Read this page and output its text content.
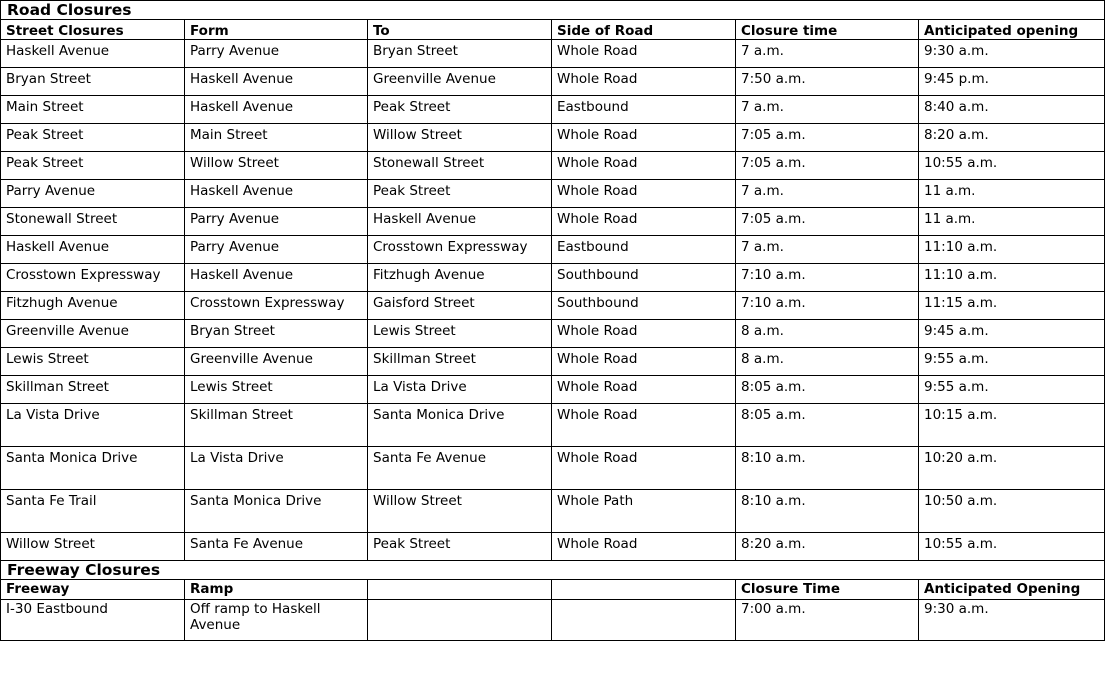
Road Closures					
Street Closures	Form	To	Side of Road	Closure time	Anticipated opening
Haskell Avenue	Parry Avenue	Bryan Street	Whole Road	7 a.m.	9:30 a.m.
Bryan Street	Haskell Avenue	Greenville Avenue	Whole Road	7:50 a.m.	9:45 p.m.
Main Street	Haskell Avenue	Peak Street	Eastbound	7 a.m.	8:40 a.m.
Peak Street	Main Street	Willow Street	Whole Road	7:05 a.m.	8:20 a.m.
Peak Street	Willow Street	Stonewall Street	Whole Road	7:05 a.m.	10:55 a.m.
Parry Avenue	Haskell Avenue	Peak Street	Whole Road	7 a.m.	11 a.m.
Stonewall Street	Parry Avenue	Haskell Avenue	Whole Road	7:05 a.m.	11 a.m.
Haskell Avenue	Parry Avenue	Crosstown Expressway	Eastbound	7 a.m.	11:10 a.m.
Crosstown Expressway	Haskell Avenue	Fitzhugh Avenue	Southbound	7:10 a.m.	11:10 a.m.
Fitzhugh Avenue	Crosstown Expressway	Gaisford Street	Southbound	7:10 a.m.	11:15 a.m.
Greenville Avenue	Bryan Street	Lewis Street	Whole Road	8 a.m.	9:45 a.m.
Lewis Street	Greenville Avenue	Skillman Street	Whole Road	8 a.m.	9:55 a.m.
Skillman Street	Lewis Street	La Vista Drive	Whole Road	8:05 a.m.	9:55 a.m.
La Vista Drive	Skillman Street	Santa Monica Drive	Whole Road	8:05 a.m.	10:15 a.m.
Santa Monica Drive	La Vista Drive	Santa Fe Avenue	Whole Road	8:10 a.m.	10:20 a.m.
Santa Fe Trail	Santa Monica Drive	Willow Street	Whole Path	8:10 a.m.	10:50 a.m.
Willow Street	Santa Fe Avenue	Peak Street	Whole Road	8:20 a.m.	10:55 a.m.
Freeway Closures					
Freeway	Ramp			Closure Time	Anticipated Opening
I-30 Eastbound	Off ramp to Haskell Avenue			7:00 a.m.	9:30 a.m.
